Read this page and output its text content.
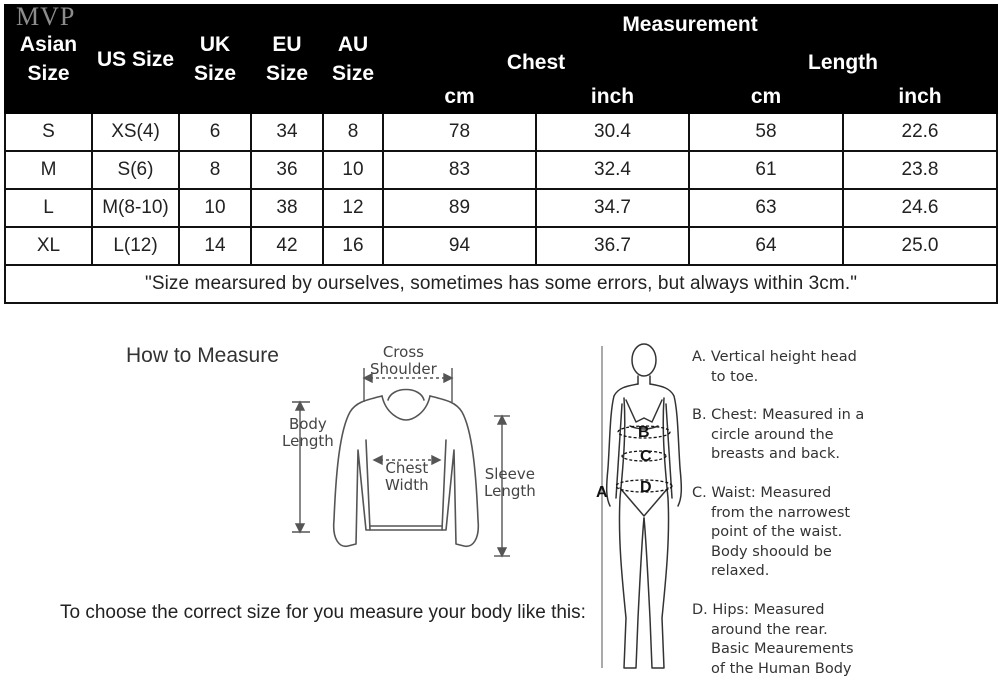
Asian Size	US Size	UK Size	EU Size	AU Size	Measurement			
					Chest		Length	
					cm	inch	cm	inch
S	XS(4)	6	34	8	78	30.4	58	22.6
M	S(6)	8	36	10	83	32.4	61	23.8
L	M(8-10)	10	38	12	89	34.7	63	24.6
XL	L(12)	14	42	16	94	36.7	64	25.0
"Size mearsured by ourselves, sometimes has some errors, but always within 3cm."								
MVP
How to Measure	Cross
Shoulder
Body
Length
Chest
Width
Sleeve
Length
To choose the correct size for you measure your body like this:
B
C
D
A
A. Vertical height head
to toe.
B. Chest: Measured in a
circle around the
breasts and back.
C. Waist: Measured
from the narrowest
point of the waist.
Body shoould be
relaxed.
D. Hips: Measured
around the rear.
Basic Meaurements
of the Human Body
